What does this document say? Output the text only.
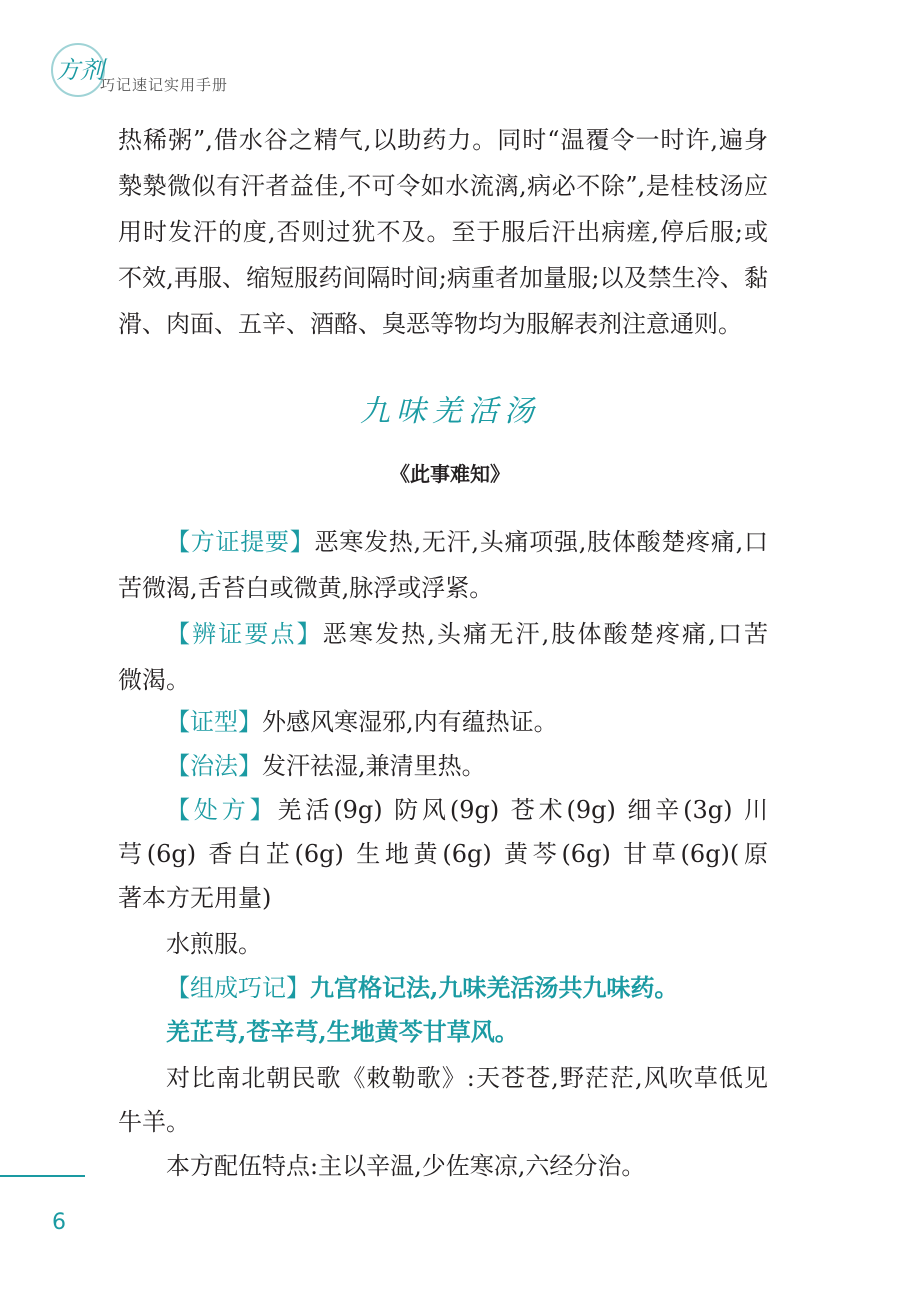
方剂
巧记速记实用手册
热稀粥”,借水谷之精气,以助药力。同时“温覆令一时许,遍身
漐漐微似有汗者益佳,不可令如水流漓,病必不除”,是桂枝汤应
用时发汗的度,否则过犹不及。至于服后汗出病瘥,停后服;或
不效,再服、缩短服药间隔时间;病重者加量服;以及禁生冷、黏
滑、肉面、五辛、酒酪、臭恶等物均为服解表剂注意通则。
【方证提要】恶寒发热,无汗,头痛项强,肢体酸楚疼痛,口
苦微渴,舌苔白或微黄,脉浮或浮紧。
【辨证要点】恶寒发热,头痛无汗,肢体酸楚疼痛,口苦
微渴。
【证型】外感风寒湿邪,内有蕴热证。
【治法】发汗祛湿,兼清里热。
【处方】羌活(9g) 防风(9g) 苍术(9g) 细辛(3g) 川
芎(6g) 香白芷(6g) 生地黄(6g) 黄芩(6g) 甘草(6g)(原
著本方无用量)
水煎服。
【组成巧记】九宫格记法,九味羌活汤共九味药。
羌芷芎,苍辛芎,生地黄芩甘草风。
对比南北朝民歌《敕勒歌》:天苍苍,野茫茫,风吹草低见
牛羊。
本方配伍特点:主以辛温,少佐寒凉,六经分治。
九味羌活汤
《此事难知》
6
